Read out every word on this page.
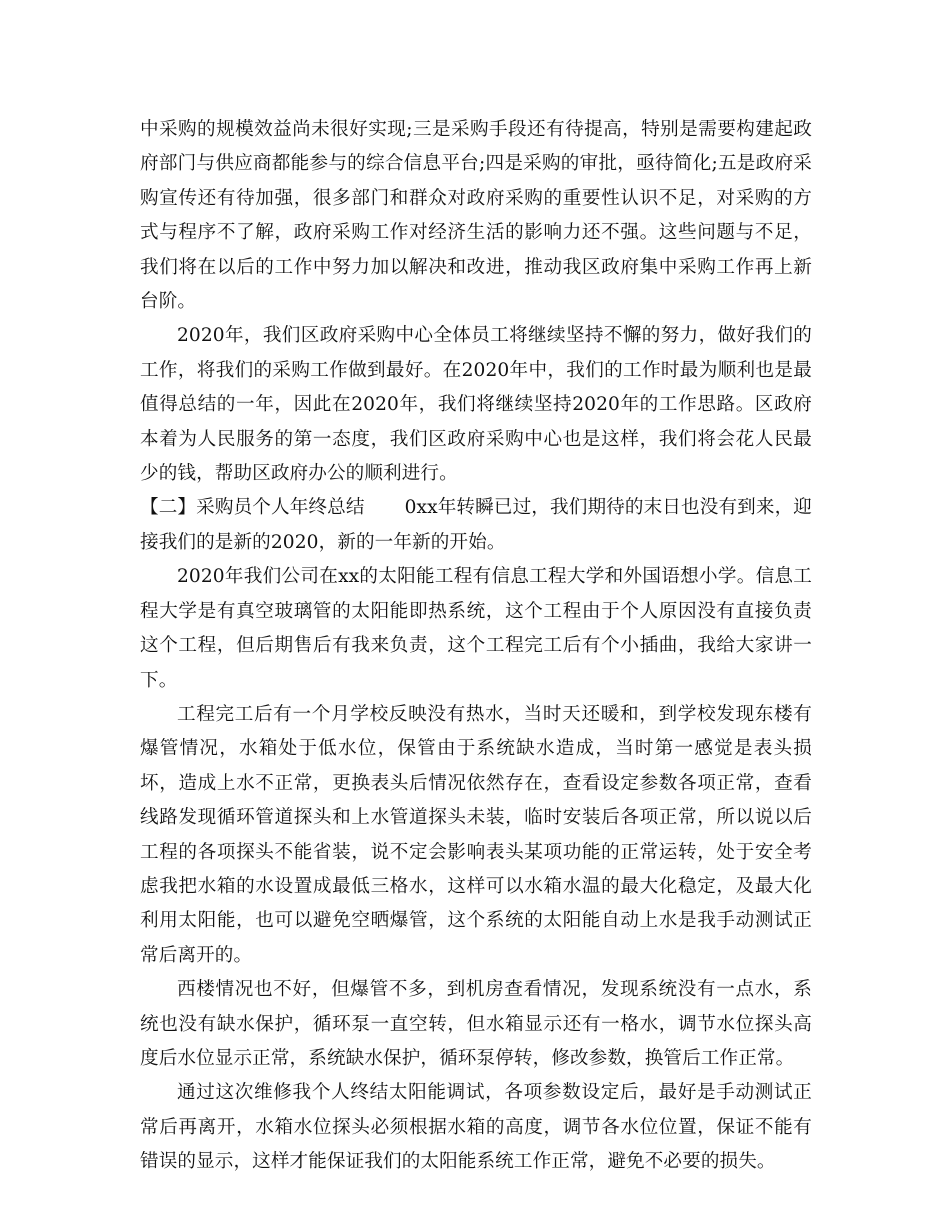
中采购的规模效益尚未很好实现;三是采购手段还有待提高，特别是需要构建起政府部门与供应商都能参与的综合信息平台;四是采购的审批，亟待简化;五是政府采购宣传还有待加强，很多部门和群众对政府采购的重要性认识不足，对采购的方式与程序不了解，政府采购工作对经济生活的影响力还不强。这些问题与不足，我们将在以后的工作中努力加以解决和改进，推动我区政府集中采购工作再上新台阶。

2020年，我们区政府采购中心全体员工将继续坚持不懈的努力，做好我们的工作，将我们的采购工作做到最好。在2020年中，我们的工作时最为顺利也是最值得总结的一年，因此在2020年，我们将继续坚持2020年的工作思路。区政府本着为人民服务的第一态度，我们区政府采购中心也是这样，我们将会花人民最少的钱，帮助区政府办公的顺利进行。

【二】采购员个人年终总结 0xx年转瞬已过，我们期待的末日也没有到来，迎接我们的是新的2020，新的一年新的开始。

2020年我们公司在xx的太阳能工程有信息工程大学和外国语想小学。信息工程大学是有真空玻璃管的太阳能即热系统，这个工程由于个人原因没有直接负责这个工程，但后期售后有我来负责，这个工程完工后有个小插曲，我给大家讲一下。

工程完工后有一个月学校反映没有热水，当时天还暖和，到学校发现东楼有爆管情况，水箱处于低水位，保管由于系统缺水造成，当时第一感觉是表头损坏，造成上水不正常，更换表头后情况依然存在，查看设定参数各项正常，查看线路发现循环管道探头和上水管道探头未装，临时安装后各项正常，所以说以后工程的各项探头不能省装，说不定会影响表头某项功能的正常运转，处于安全考虑我把水箱的水设置成最低三格水，这样可以水箱水温的最大化稳定，及最大化利用太阳能，也可以避免空晒爆管，这个系统的太阳能自动上水是我手动测试正常后离开的。

西楼情况也不好，但爆管不多，到机房查看情况，发现系统没有一点水，系统也没有缺水保护，循环泵一直空转，但水箱显示还有一格水，调节水位探头高度后水位显示正常，系统缺水保护，循环泵停转，修改参数，换管后工作正常。

通过这次维修我个人终结太阳能调试，各项参数设定后，最好是手动测试正常后再离开，水箱水位探头必须根据水箱的高度，调节各水位位置，保证不能有错误的显示，这样才能保证我们的太阳能系统工作正常，避免不必要的损失。
